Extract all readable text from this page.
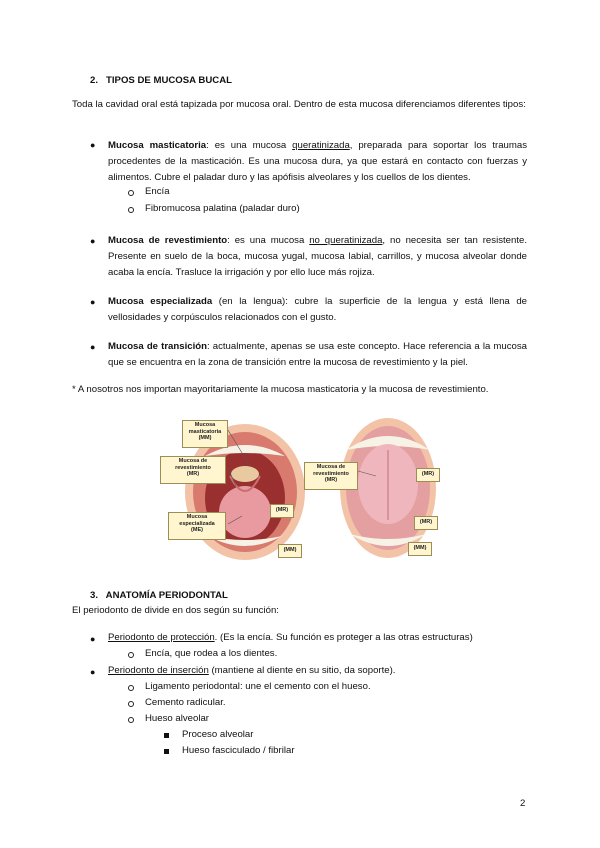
2. TIPOS DE MUCOSA BUCAL
Toda la cavidad oral está tapizada por mucosa oral. Dentro de esta mucosa diferenciamos diferentes tipos:
● Mucosa masticatoria: es una mucosa queratinizada, preparada para soportar los traumas procedentes de la masticación. Es una mucosa dura, ya que estará en contacto con fuerzas y alimentos. Cubre el paladar duro y las apófisis alveolares y los cuellos de los dientes.
Encía
Fibromucosa palatina (paladar duro)
● Mucosa de revestimiento: es una mucosa no queratinizada, no necesita ser tan resistente. Presente en suelo de la boca, mucosa yugal, mucosa labial, carrillos, y mucosa alveolar donde acaba la encía. Trasluce la irrigación y por ello luce más rojiza.
● Mucosa especializada (en la lengua): cubre la superficie de la lengua y está llena de vellosidades y corpúsculos relacionados con el gusto.
● Mucosa de transición: actualmente, apenas se usa este concepto. Hace referencia a la mucosa que se encuentra en la zona de transición entre la mucosa de revestimiento y la piel.
* A nosotros nos importan mayoritariamente la mucosa masticatoria y la mucosa de revestimiento.
Mucosa
masticatoria
(MM)
Mucosa de
revestimiento
(MR)
Mucosa
especializada
(ME)
(MR)
(MM)
Mucosa de
revestimiento
(MR)
(MR)
(MR)
(MM)
3. ANATOMÍA PERIODONTAL
El periodonto de divide en dos según su función:
● Periodonto de protección. (Es la encía. Su función es proteger a las otras estructuras)
Encía, que rodea a los dientes.
● Periodonto de inserción (mantiene al diente en su sitio, da soporte).
Ligamento periodontal: une el cemento con el hueso.
Cemento radicular.
Hueso alveolar
Proceso alveolar
Hueso fasciculado / fibrilar
2
